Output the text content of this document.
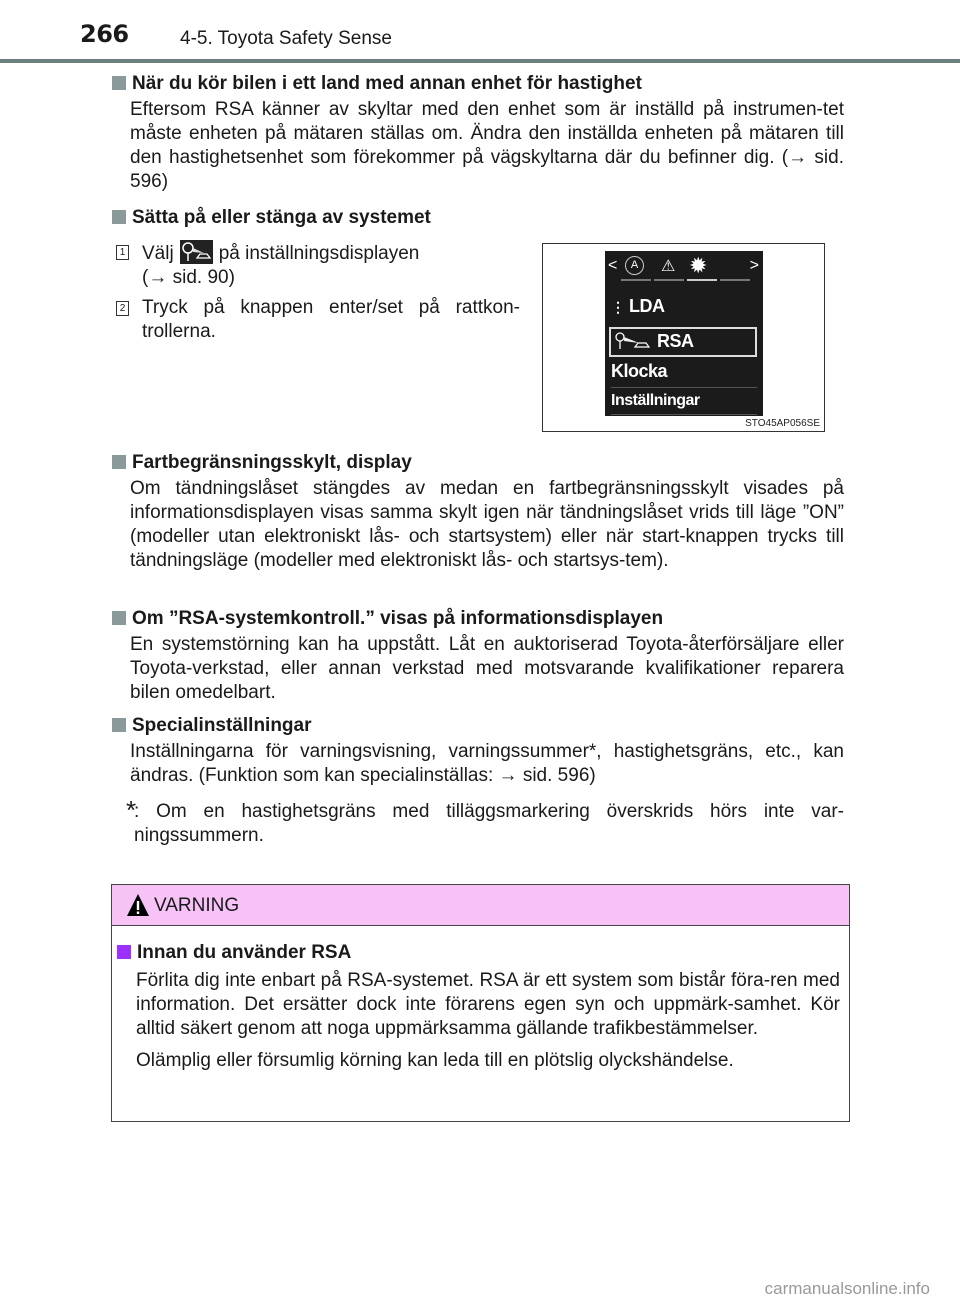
266	4-5. Toyota Safety Sense
När du kör bilen i ett land med annan enhet för hastighet
Eftersom RSA känner av skyltar med den enhet som är inställd på instrumen-tet måste enheten på mätaren ställas om. Ändra den inställda enheten på mätaren till den hastighetsenhet som förekommer på vägskyltarna där du befinner dig. (→ sid. 596)
Sätta på eller stänga av systemet
1 Välj på inställningsdisplayen
(→ sid. 90)
2 Tryck på knappen enter/set på rattkon-trollerna.
<	A	⚠ ✹	>
⋮ LDA
RSA
Klocka
Inställningar
STO45AP056SE
Fartbegränsningsskylt, display
Om tändningslåset stängdes av medan en fartbegränsningsskylt visades på informationsdisplayen visas samma skylt igen när tändningslåset vrids till läge ”ON” (modeller utan elektroniskt lås- och startsystem) eller när start-knappen trycks till tändningsläge (modeller med elektroniskt lås- och startsys-tem).
Om ”RSA-systemkontroll.” visas på informationsdisplayen
En systemstörning kan ha uppstått. Låt en auktoriserad Toyota-återförsäljare eller Toyota-verkstad, eller annan verkstad med motsvarande kvalifikationer reparera bilen omedelbart.
Specialinställningar
Inställningarna för varningsvisning, varningssummer*, hastighetsgräns, etc., kan ändras. (Funktion som kan specialinställas: → sid. 596)
*
: Om en hastighetsgräns med tilläggsmarkering överskrids hörs inte var-ningssummern.
VARNING
Innan du använder RSA
Förlita dig inte enbart på RSA-systemet. RSA är ett system som bistår föra-ren med information. Det ersätter dock inte förarens egen syn och uppmärk-samhet. Kör alltid säkert genom att noga uppmärksamma gällande trafikbestämmelser.
Olämplig eller försumlig körning kan leda till en plötslig olyckshändelse.
carmanualsonline.info
